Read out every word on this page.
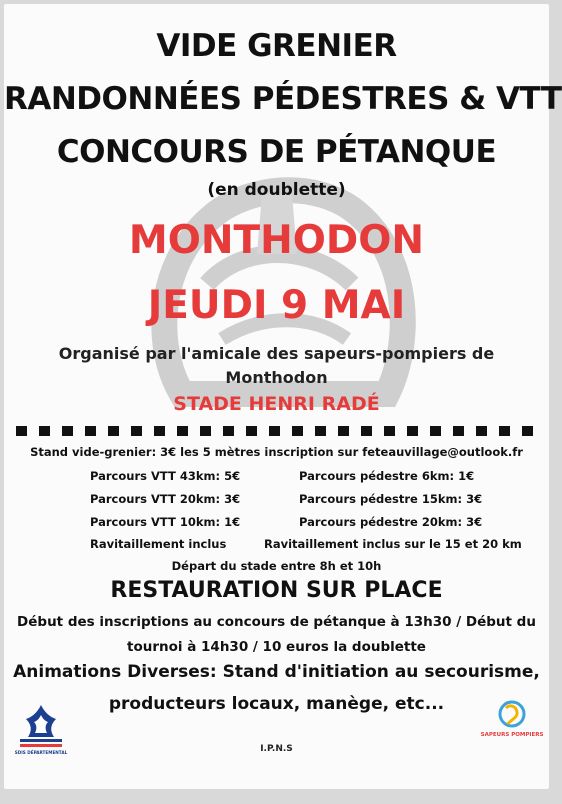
VIDE GRENIER
RANDONNÉES PÉDESTRES & VTT
CONCOURS DE PÉTANQUE
(en doublette)
MONTHODON
JEUDI 9 MAI
Organisé par l'amicale des sapeurs-pompiers de
Monthodon
STADE HENRI RADÉ
Stand vide-grenier: 3€ les 5 mètres inscription sur feteauvillage@outlook.fr
Parcours VTT 43km: 5€
Parcours VTT 20km: 3€
Parcours VTT 10km: 1€
Ravitaillement inclus
Parcours pédestre 6km: 1€
Parcours pédestre 15km: 3€
Parcours pédestre 20km: 3€
Ravitaillement inclus sur le 15 et 20 km
Départ du stade entre 8h et 10h
RESTAURATION SUR PLACE
Début des inscriptions au concours de pétanque à 13h30 / Début du
tournoi à 14h30 / 10 euros la doublette
Animations Diverses: Stand d'initiation au secourisme,
producteurs locaux, manège, etc...
I.P.N.S
SDIS DÉPARTEMENTAL
SAPEURS POMPIERS
